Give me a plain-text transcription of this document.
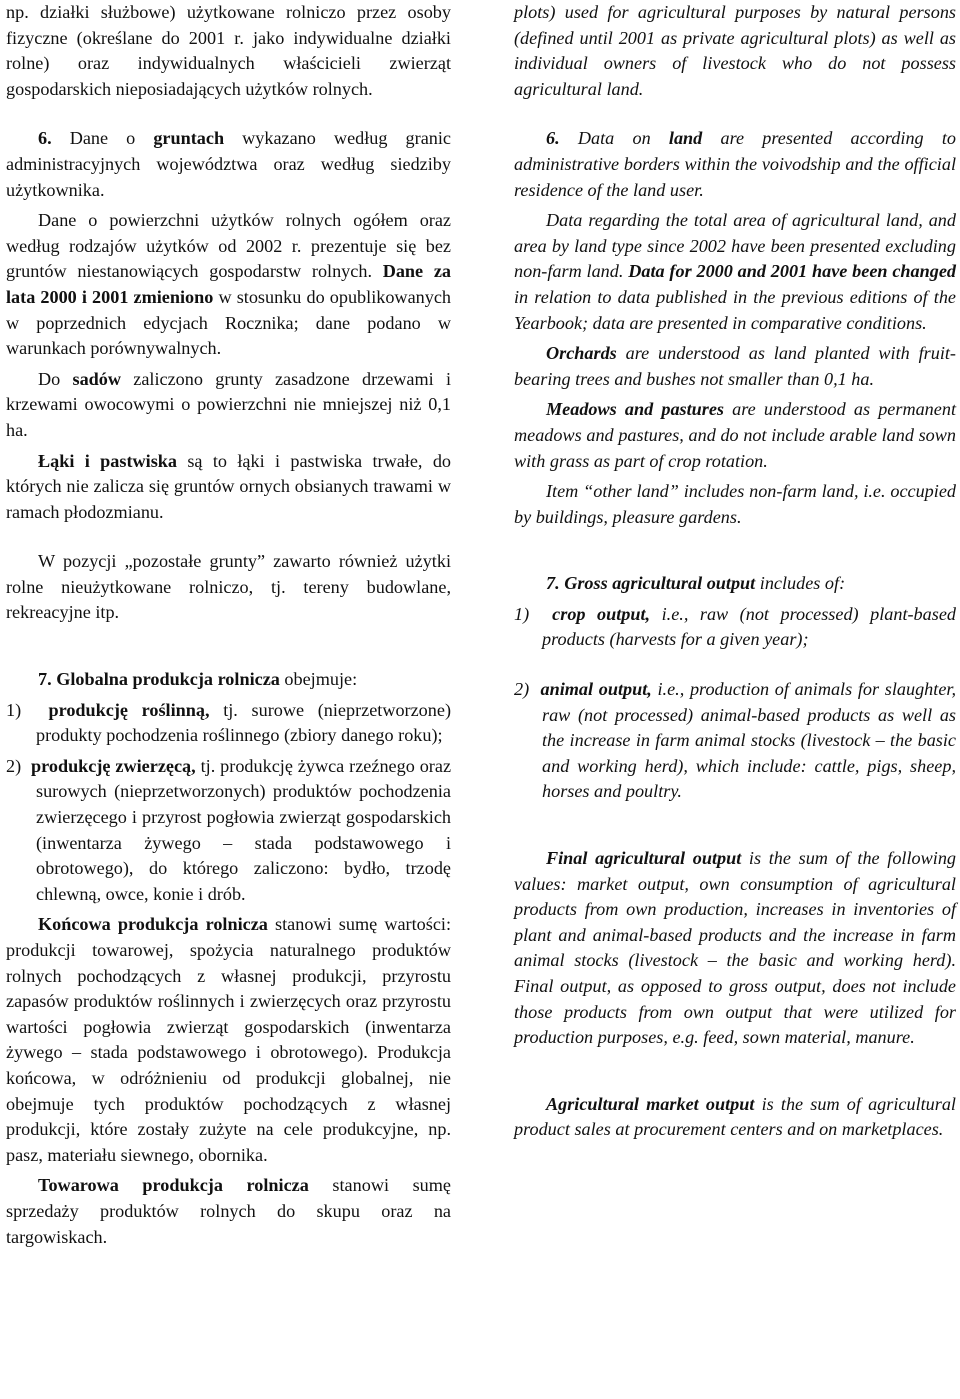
np. działki służbowe) użytkowane rolniczo przez osoby fizyczne (określane do 2001 r. jako indywidualne działki rolne) oraz indywidualnych właścicieli zwierząt gospodarskich nieposiadających użytków rolnych.

6. Dane o gruntach wykazano według granic administracyjnych województwa oraz według siedziby użytkownika.

Dane o powierzchni użytków rolnych ogółem oraz według rodzajów użytków od 2002 r. prezentuje się bez gruntów niestanowiących gospodarstw rolnych. Dane za lata 2000 i 2001 zmieniono w stosunku do opublikowanych w poprzednich edycjach Rocznika; dane podano w warunkach porównywalnych.

Do sadów zaliczono grunty zasadzone drzewami i krzewami owocowymi o powierzchni nie mniejszej niż 0,1 ha.

Łąki i pastwiska są to łąki i pastwiska trwałe, do których nie zalicza się gruntów ornych obsianych trawami w ramach płodozmianu.

W pozycji „pozostałe grunty” zawarto również użytki rolne nieużytkowane rolniczo, tj. tereny budowlane, rekreacyjne itp.

7. Globalna produkcja rolnicza obejmuje:

1) produkcję roślinną, tj. surowe (nieprzetworzone) produkty pochodzenia roślinnego (zbiory danego roku);

2) produkcję zwierzęcą, tj. produkcję żywca rzeźnego oraz surowych (nieprzetworzonych) produktów pochodzenia zwierzęcego i przyrost pogłowia zwierząt gospodarskich (inwentarza żywego – stada podstawowego i obrotowego), do którego zaliczono: bydło, trzodę chlewną, owce, konie i drób.

Końcowa produkcja rolnicza stanowi sumę wartości: produkcji towarowej, spożycia naturalnego produktów rolnych pochodzących z własnej produkcji, przyrostu zapasów produktów roślinnych i zwierzęcych oraz przyrostu wartości pogłowia zwierząt gospodarskich (inwentarza żywego – stada podstawowego i obrotowego). Produkcja końcowa, w odróżnieniu od produkcji globalnej, nie obejmuje tych produktów pochodzących z własnej produkcji, które zostały zużyte na cele produkcyjne, np. pasz, materiału siewnego, obornika.

Towarowa produkcja rolnicza stanowi sumę sprzedaży produktów rolnych do skupu oraz na targowiskach.

plots) used for agricultural purposes by natural persons (defined until 2001 as private agricultural plots) as well as individual owners of livestock who do not possess agricultural land.

6. Data on land are presented according to administrative borders within the voivodship and the official residence of the land user.

Data regarding the total area of agricultural land, and area by land type since 2002 have been presented excluding non-farm land. Data for 2000 and 2001 have been changed in relation to data published in the previous editions of the Yearbook; data are presented in comparative conditions.

Orchards are understood as land planted with fruit-bearing trees and bushes not smaller than 0,1 ha.

Meadows and pastures are understood as permanent meadows and pastures, and do not include arable land sown with grass as part of crop rotation.

Item “other land” includes non-farm land, i.e. occupied by buildings, pleasure gardens.

7. Gross agricultural output includes of:

1) crop output, i.e., raw (not processed) plant-based products (harvests for a given year);

2) animal output, i.e., production of animals for slaughter, raw (not processed) animal-based products as well as the increase in farm animal stocks (livestock – the basic and working herd), which include: cattle, pigs, sheep, horses and poultry.

Final agricultural output is the sum of the following values: market output, own consumption of agricultural products from own production, increases in inventories of plant and animal-based products and the increase in farm animal stocks (livestock – the basic and working herd). Final output, as opposed to gross output, does not include those products from own output that were utilized for production purposes, e.g. feed, sown material, manure.

Agricultural market output is the sum of agricultural product sales at procurement centers and on marketplaces.
